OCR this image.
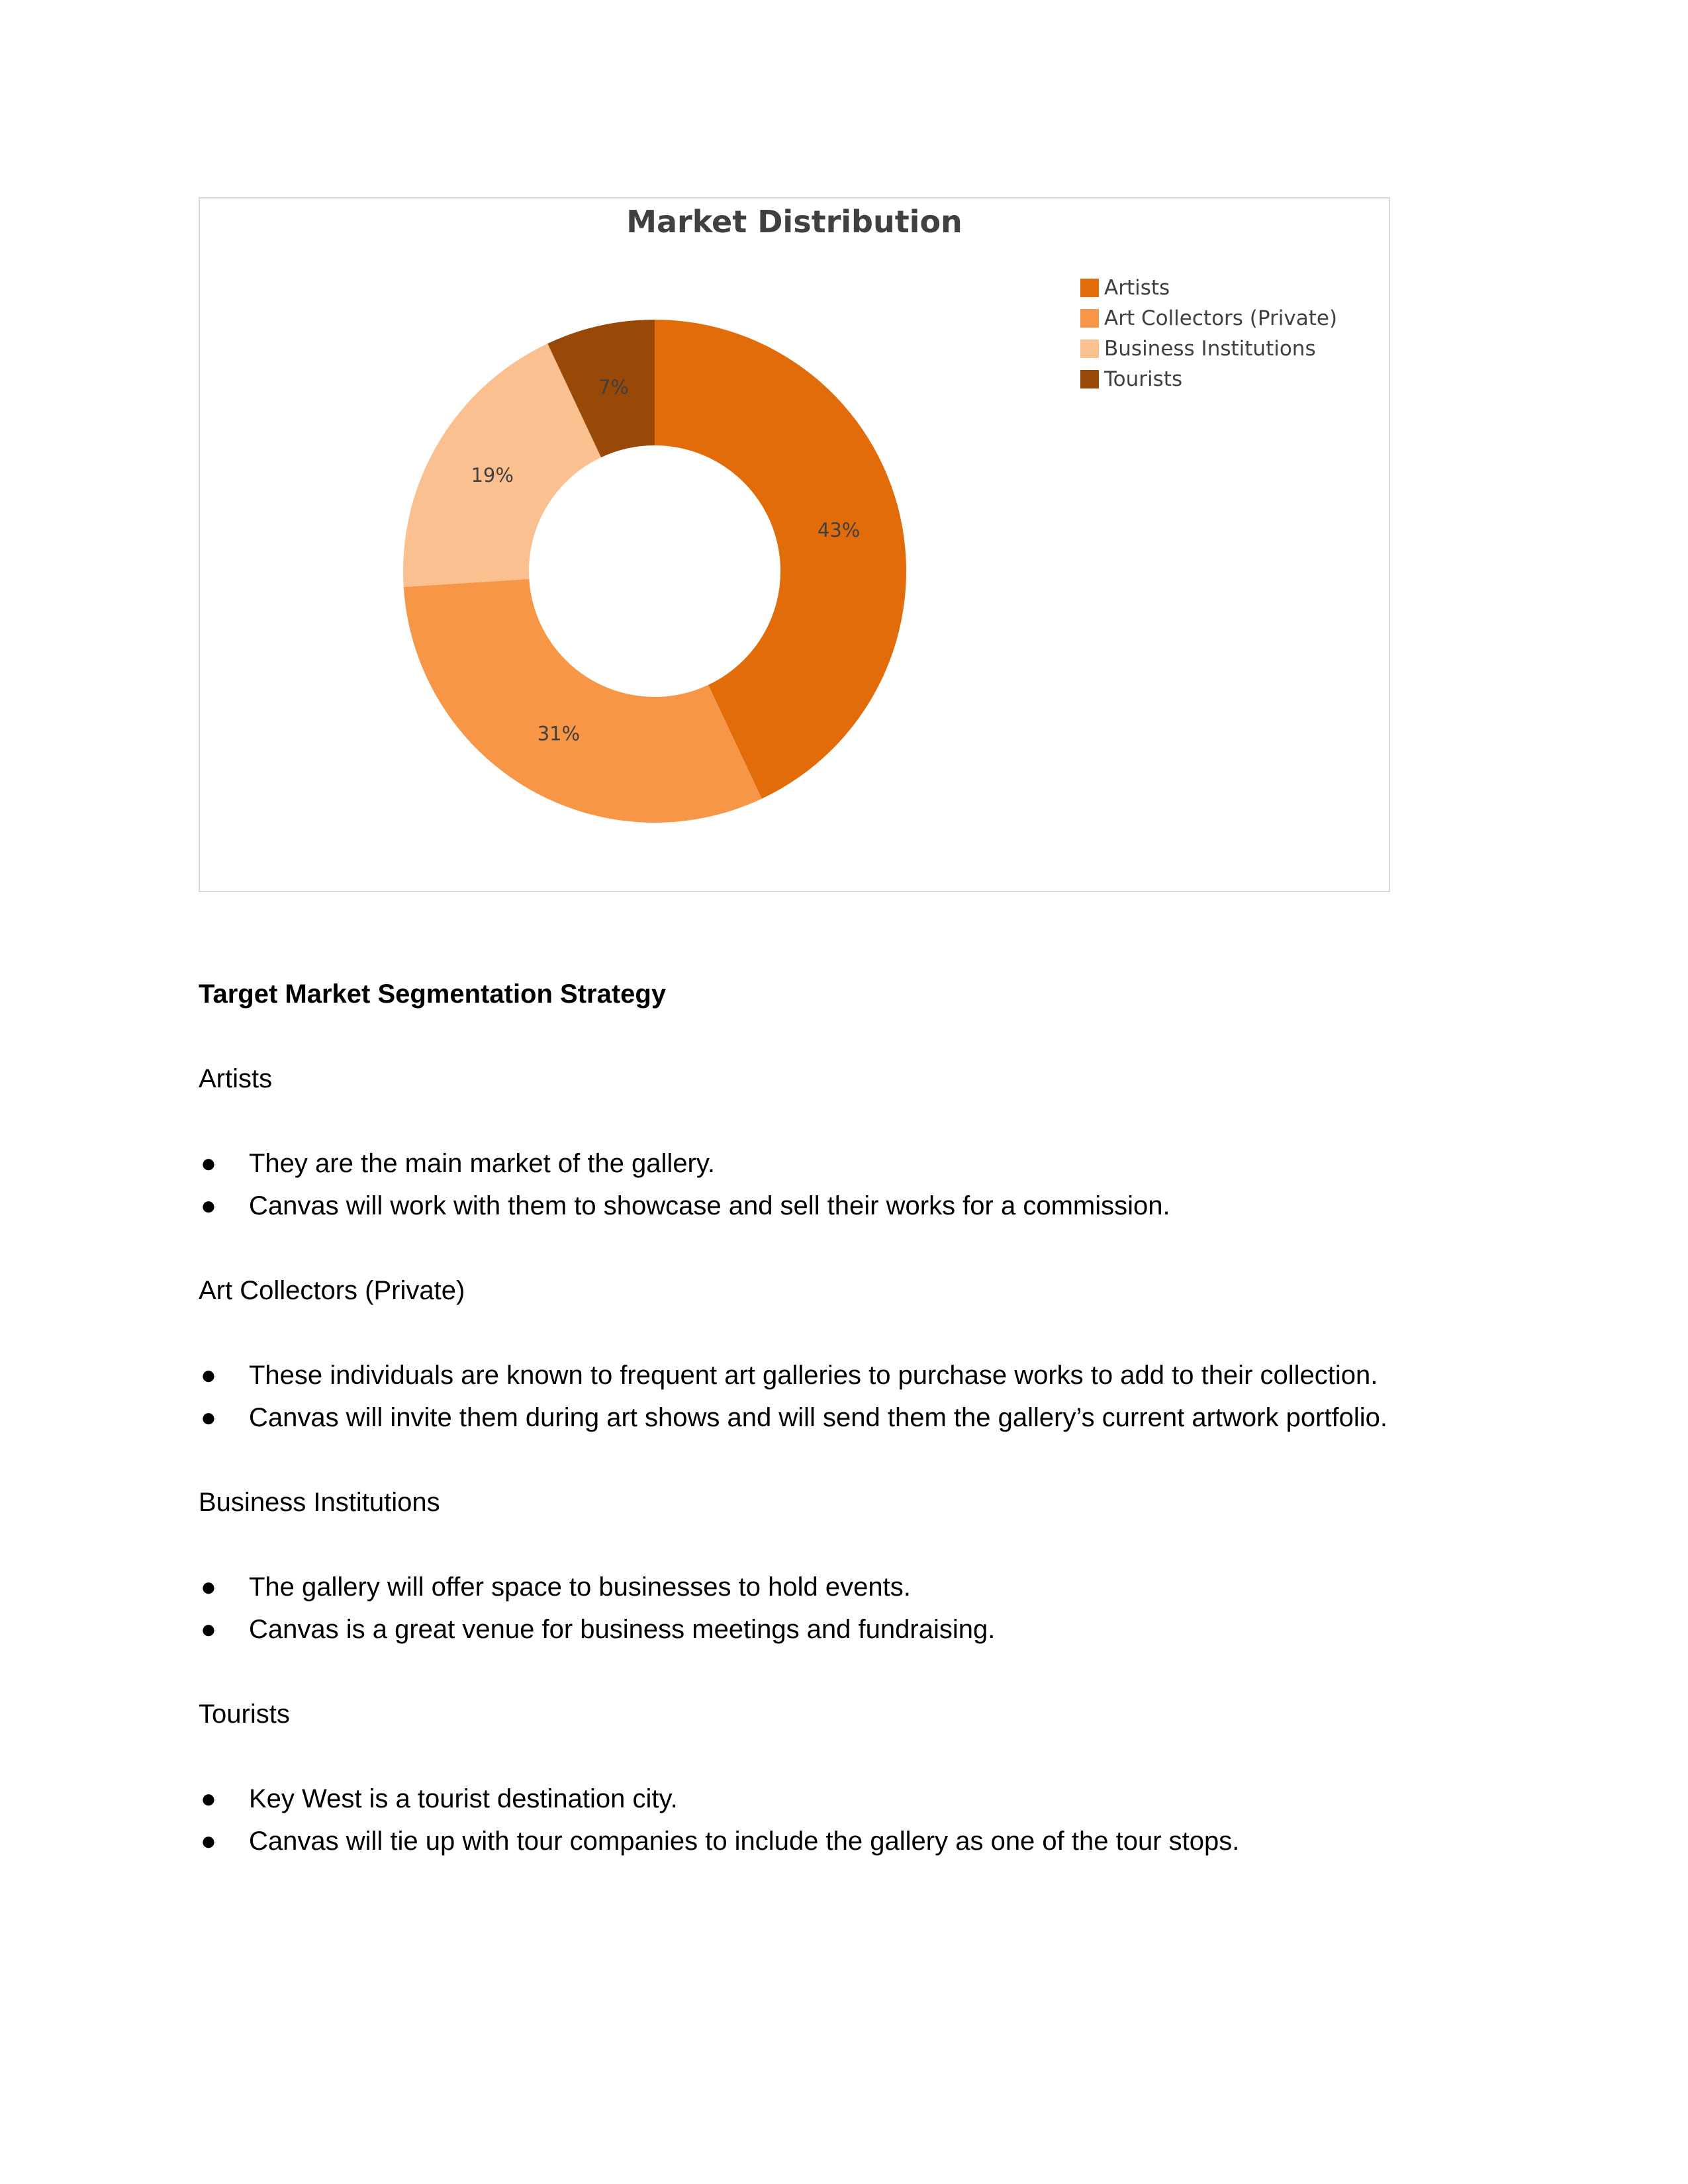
Market Distribution
43%
31%
19%
7%
Artists
Art Collectors (Private)
Business Institutions
Tourists
Target Market Segmentation Strategy
Artists
● They are the main market of the gallery.
● Canvas will work with them to showcase and sell their works for a commission.
Art Collectors (Private)
● These individuals are known to frequent art galleries to purchase works to add to their collection.
● Canvas will invite them during art shows and will send them the gallery’s current artwork portfolio.
Business Institutions
● The gallery will offer space to businesses to hold events.
● Canvas is a great venue for business meetings and fundraising.
Tourists
● Key West is a tourist destination city.
● Canvas will tie up with tour companies to include the gallery as one of the tour stops.
